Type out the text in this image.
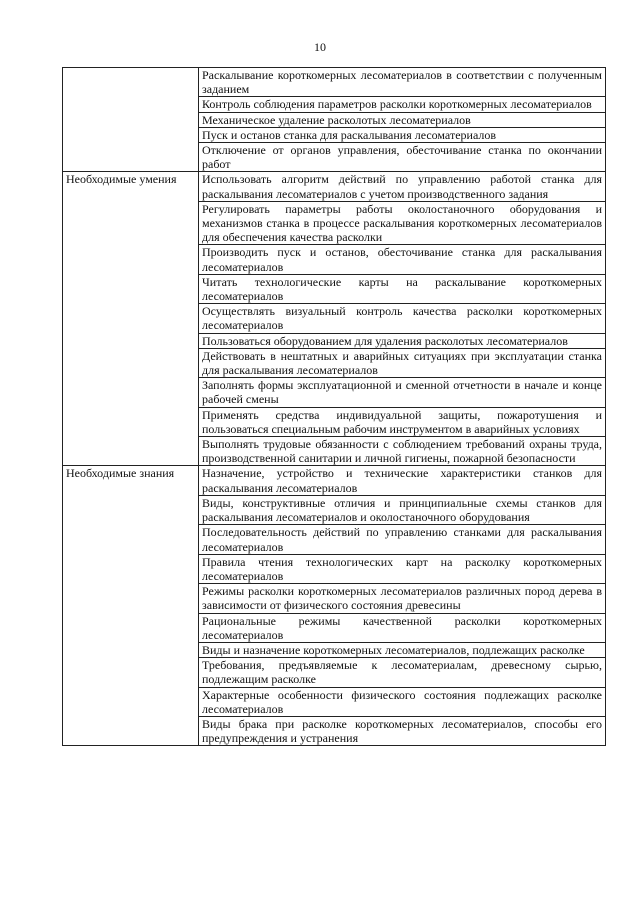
10
	Раскалывание короткомерных лесоматериалов в соответствии с полученным заданием
	Контроль соблюдения параметров расколки короткомерных лесоматериалов
	Механическое удаление расколотых лесоматериалов
	Пуск и останов станка для раскалывания лесоматериалов
	Отключение от органов управления, обесточивание станка по окончании работ
Необходимые умения	Использовать алгоритм действий по управлению работой станка для раскалывания лесоматериалов с учетом производственного задания
	Регулировать параметры работы околостаночного оборудования и механизмов станка в процессе раскалывания короткомерных лесоматериалов для обеспечения качества расколки
	Производить пуск и останов, обесточивание станка для раскалывания лесоматериалов
	Читать технологические карты на раскалывание короткомерных лесоматериалов
	Осуществлять визуальный контроль качества расколки короткомерных лесоматериалов
	Пользоваться оборудованием для удаления расколотых лесоматериалов
	Действовать в нештатных и аварийных ситуациях при эксплуатации станка для раскалывания лесоматериалов
	Заполнять формы эксплуатационной и сменной отчетности в начале и конце рабочей смены
	Применять средства индивидуальной защиты, пожаротушения и пользоваться специальным рабочим инструментом в аварийных условиях
	Выполнять трудовые обязанности с соблюдением требований охраны труда, производственной санитарии и личной гигиены, пожарной безопасности
Необходимые знания	Назначение, устройство и технические характеристики станков для раскалывания лесоматериалов
	Виды, конструктивные отличия и принципиальные схемы станков для раскалывания лесоматериалов и околостаночного оборудования
	Последовательность действий по управлению станками для раскалывания лесоматериалов
	Правила чтения технологических карт на расколку короткомерных лесоматериалов
	Режимы расколки короткомерных лесоматериалов различных пород дерева в зависимости от физического состояния древесины
	Рациональные режимы качественной расколки короткомерных лесоматериалов
	Виды и назначение короткомерных лесоматериалов, подлежащих расколке
	Требования, предъявляемые к лесоматериалам, древесному сырью, подлежащим расколке
	Характерные особенности физического состояния подлежащих расколке лесоматериалов
	Виды брака при расколке короткомерных лесоматериалов, способы его предупреждения и устранения
